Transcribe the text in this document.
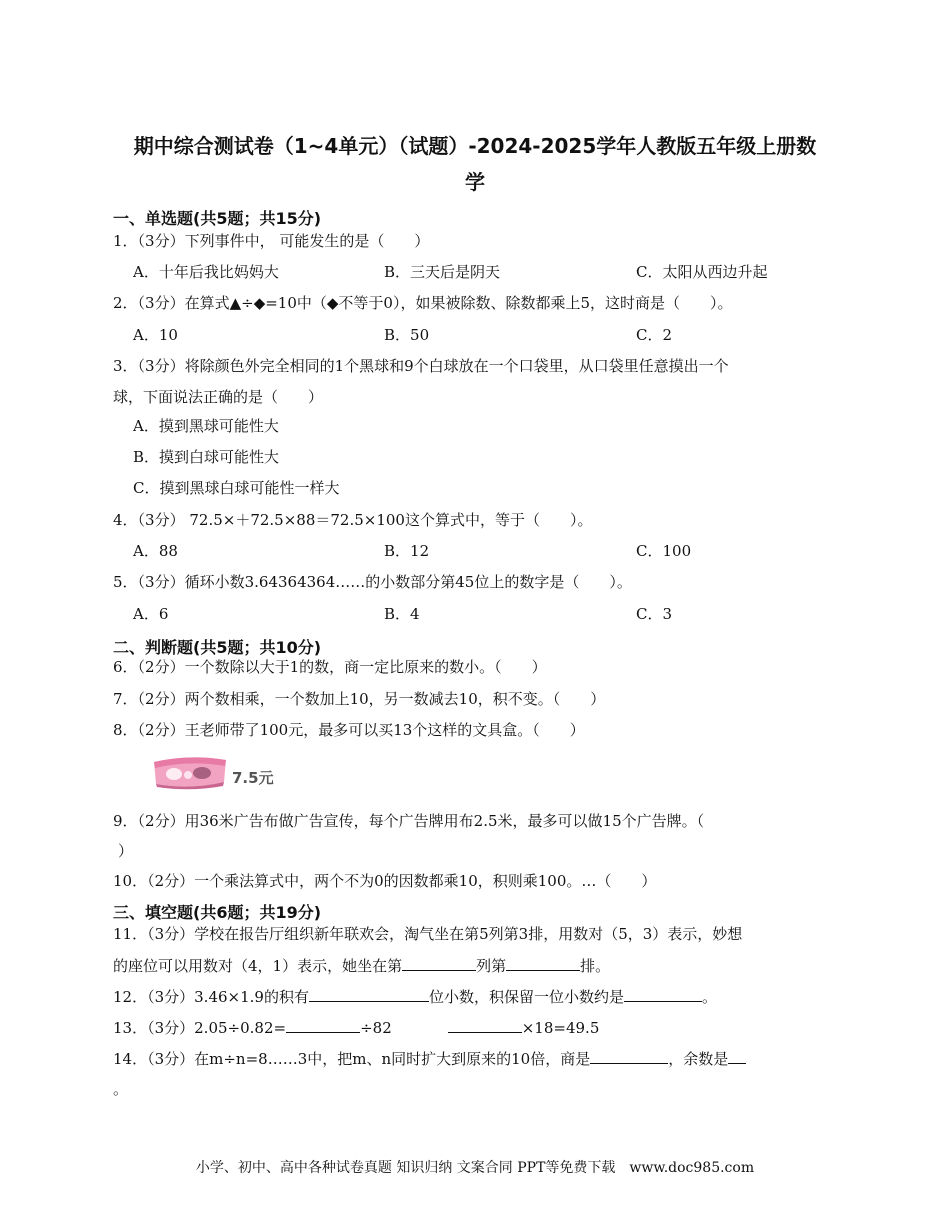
期中综合测试卷（1~4单元）（试题）-2024-2025学年人教版五年级上册数
学
一、单选题(共5题；共15分)
1．（3分）下列事件中， 可能发生的是（　　）
A．十年后我比妈妈大	B．三天后是阴天	C．太阳从西边升起
2．（3分）在算式▲÷◆=10中（◆不等于0），如果被除数、除数都乘上5，这时商是（　　）。
A．10	B．50	C．2
3．（3分）将除颜色外完全相同的1个黑球和9个白球放在一个口袋里，从口袋里任意摸出一个
球，下面说法正确的是（　　）
A．摸到黑球可能性大
B．摸到白球可能性大
C．摸到黑球白球可能性一样大
4．（3分） 72.5×＋72.5×88＝72.5×100这个算式中，等于（　　）。
A．88	B．12	C．100
5．（3分）循环小数3.64364364……的小数部分第45位上的数字是（　　）。
A．6	B．4	C．3
二、判断题(共5题；共10分)
6．（2分）一个数除以大于1的数，商一定比原来的数小。（　　）
7．（2分）两个数相乘，一个数加上10，另一数减去10，积不变。（　　）
8．（2分）王老师带了100元，最多可以买13个这样的文具盒。（　　）
7.5元
9．（2分）用36米广告布做广告宣传，每个广告牌用布2.5米，最多可以做15个广告牌。（
）
10．（2分）一个乘法算式中，两个不为0的因数都乘10，积则乘100。…（　　）
三、填空题(共6题；共19分)
11．（3分）学校在报告厅组织新年联欢会，淘气坐在第5列第3排，用数对（5，3）表示，妙想
的座位可以用数对（4，1）表示，她坐在第	列第	排。
12．（3分）3.46×1.9的积有	位小数，积保留一位小数约是	。
13．（3分）2.05÷0.82=	÷82	×18=49.5
14．（3分）在m÷n=8……3中，把m、n同时扩大到原来的10倍，商是	，余数是
。
小学、初中、高中各种试卷真题 知识归纳 文案合同 PPT等免费下载　www.doc985.com
